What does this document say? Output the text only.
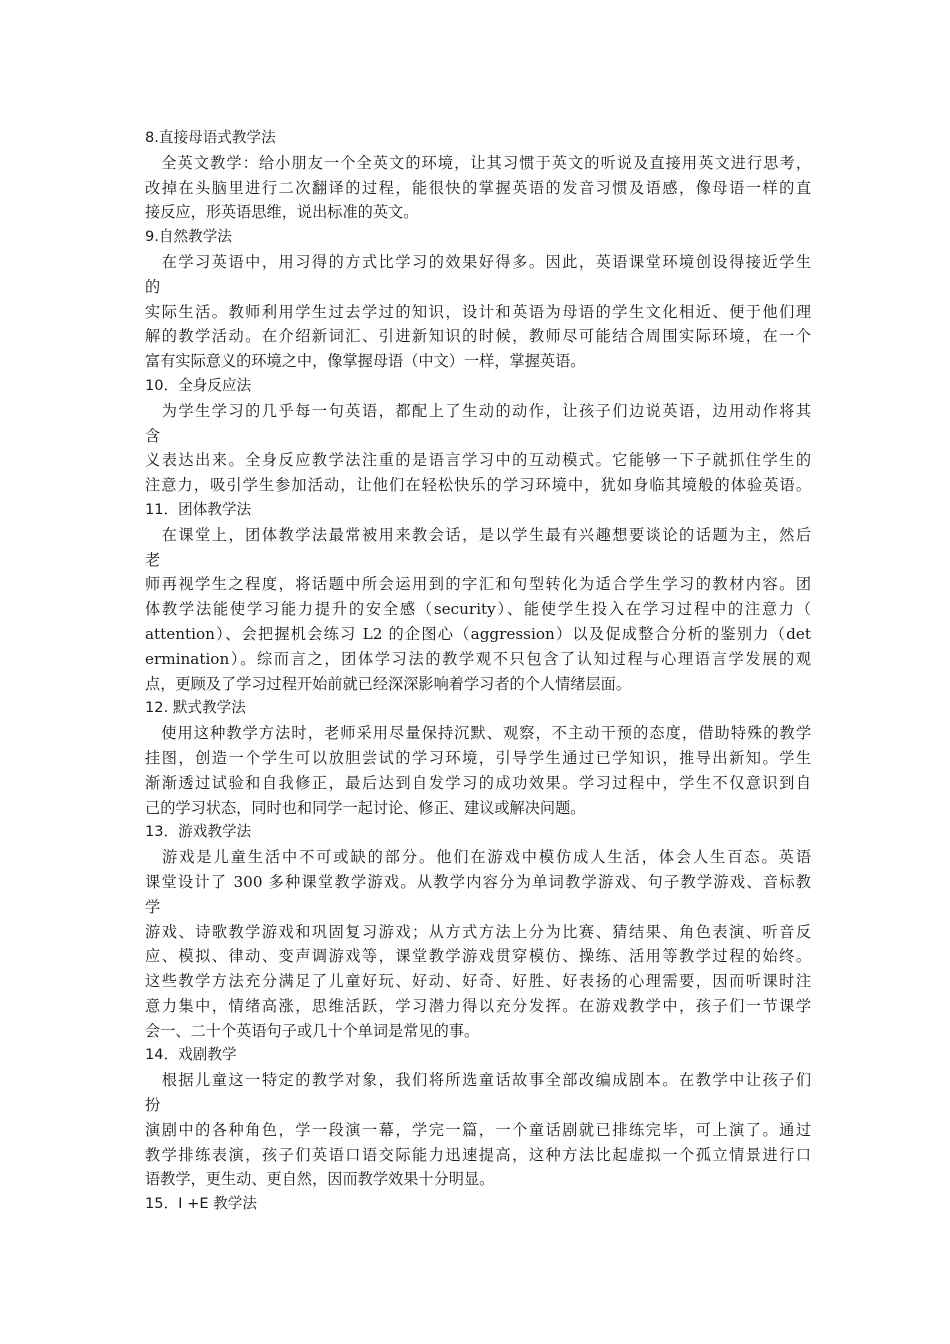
8.直接母语式教学法
　全英文教学：给小朋友一个全英文的环境，让其习惯于英文的听说及直接用英文进行思考，
改掉在头脑里进行二次翻译的过程，能很快的掌握英语的发音习惯及语感，像母语一样的直
接反应，形英语思维，说出标准的英文。
9.自然教学法
　在学习英语中，用习得的方式比学习的效果好得多。因此，英语课堂环境创设得接近学生
的
实际生活。教师利用学生过去学过的知识，设计和英语为母语的学生文化相近、便于他们理
解的教学活动。在介绍新词汇、引进新知识的时候，教师尽可能结合周围实际环境，在一个
富有实际意义的环境之中，像掌握母语（中文）一样，掌握英语。
10．全身反应法
　为学生学习的几乎每一句英语，都配上了生动的动作，让孩子们边说英语，边用动作将其
含
义表达出来。全身反应教学法注重的是语言学习中的互动模式。它能够一下子就抓住学生的
注意力，吸引学生参加活动，让他们在轻松快乐的学习环境中，犹如身临其境般的体验英语。
11．团体教学法
　在课堂上，团体教学法最常被用来教会话，是以学生最有兴趣想要谈论的话题为主，然后
老
师再视学生之程度，将话题中所会运用到的字汇和句型转化为适合学生学习的教材内容。团
体教学法能使学习能力提升的安全感（security）、能使学生投入在学习过程中的注意力（
attention）、会把握机会练习 L2 的企图心（aggression）以及促成整合分析的鉴别力（det
ermination）。综而言之，团体学习法的教学观不只包含了认知过程与心理语言学发展的观
点，更顾及了学习过程开始前就已经深深影响着学习者的个人情绪层面。
12. 默式教学法
　使用这种教学方法时，老师采用尽量保持沉默、观察，不主动干预的态度，借助特殊的教学
挂图，创造一个学生可以放胆尝试的学习环境，引导学生通过已学知识，推导出新知。学生
渐渐透过试验和自我修正，最后达到自发学习的成功效果。学习过程中，学生不仅意识到自
己的学习状态，同时也和同学一起讨论、修正、建议或解决问题。
13．游戏教学法
　游戏是儿童生活中不可或缺的部分。他们在游戏中模仿成人生活，体会人生百态。英语
课堂设计了 300 多种课堂教学游戏。从教学内容分为单词教学游戏、句子教学游戏、音标教
学
游戏、诗歌教学游戏和巩固复习游戏；从方式方法上分为比赛、猜结果、角色表演、听音反
应、模拟、律动、变声调游戏等，课堂教学游戏贯穿模仿、操练、活用等教学过程的始终。
这些教学方法充分满足了儿童好玩、好动、好奇、好胜、好表扬的心理需要，因而听课时注
意力集中，情绪高涨，思维活跃，学习潜力得以充分发挥。在游戏教学中，孩子们一节课学
会一、二十个英语句子或几十个单词是常见的事。
14．戏剧教学
　根据儿童这一特定的教学对象，我们将所选童话故事全部改编成剧本。在教学中让孩子们
扮
演剧中的各种角色，学一段演一幕，学完一篇，一个童话剧就已排练完毕，可上演了。通过
教学排练表演，孩子们英语口语交际能力迅速提高，这种方法比起虚拟一个孤立情景进行口
语教学，更生动、更自然，因而教学效果十分明显。
15．I +E 教学法
